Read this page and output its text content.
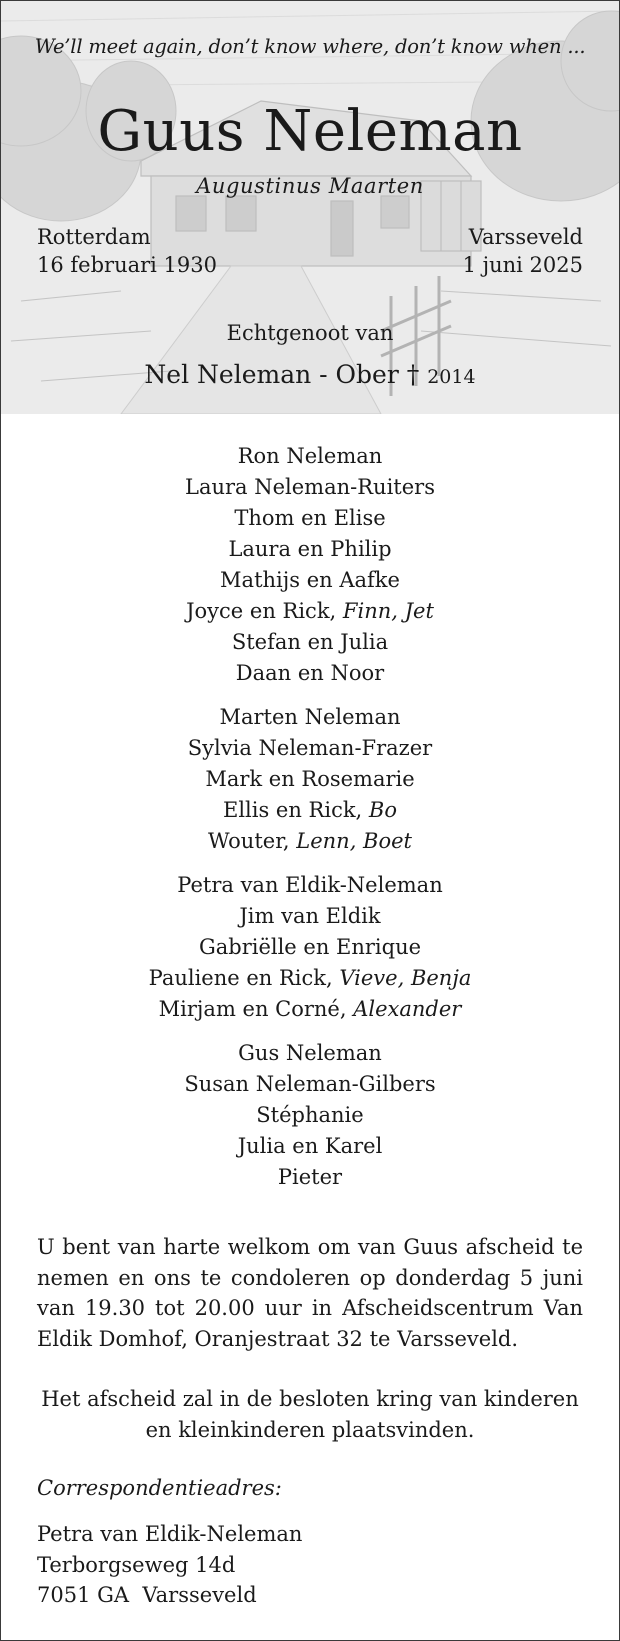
We’ll meet again, don’t know where, don’t know when ...
Guus Neleman
Augustinus Maarten
Rotterdam
16 februari 1930
Varsseveld
1 juni 2025
Echtgenoot van
Nel Neleman - Ober † 2014
Ron Neleman
Laura Neleman-Ruiters
Thom en Elise
Laura en Philip
Mathijs en Aafke
Joyce en Rick, Finn, Jet
Stefan en Julia
Daan en Noor
Marten Neleman
Sylvia Neleman-Frazer
Mark en Rosemarie
Ellis en Rick, Bo
Wouter, Lenn, Boet
Petra van Eldik-Neleman
Jim van Eldik
Gabriëlle en Enrique
Pauliene en Rick, Vieve, Benja
Mirjam en Corné, Alexander
Gus Neleman
Susan Neleman-Gilbers
Stéphanie
Julia en Karel
Pieter
U bent van harte welkom om van Guus afscheid te nemen en ons te condoleren op donderdag 5 juni van 19.30 tot 20.00 uur in Afscheidscentrum Van Eldik Domhof, Oranjestraat 32 te Varsseveld.
Het afscheid zal in de besloten kring van kinderen en kleinkinderen plaatsvinden.
Correspondentieadres:
Petra van Eldik-Neleman
Terborgseweg 14d
7051 GA  Varsseveld
